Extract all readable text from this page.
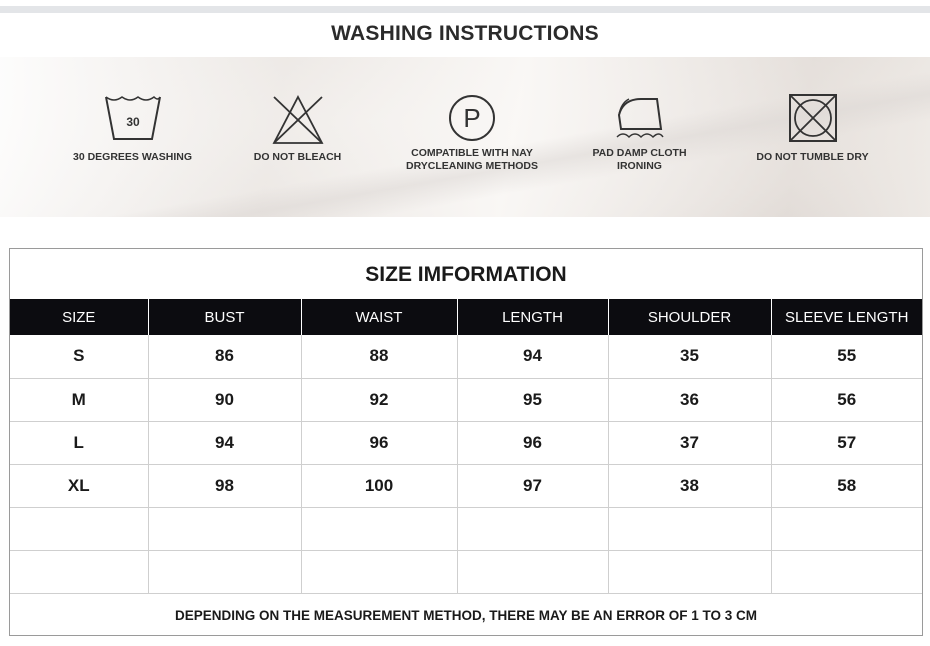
WASHING INSTRUCTIONS
30
30 DEGREES WASHING	DO NOT BLEACH
P
COMPATIBLE WITH NAY
DRYCLEANING METHODS
PAD DAMP CLOTH
IRONING
DO NOT TUMBLE DRY
SIZE IMFORMATION
SIZE	BUST	WAIST	LENGTH	SHOULDER	SLEEVE LENGTH
S	86	88	94	35	55
M	90	92	95	36	56
L	94	96	96	37	57
XL	98	100	97	38	58

DEPENDING ON THE MEASUREMENT METHOD, THERE MAY BE AN ERROR OF 1 TO 3 CM
